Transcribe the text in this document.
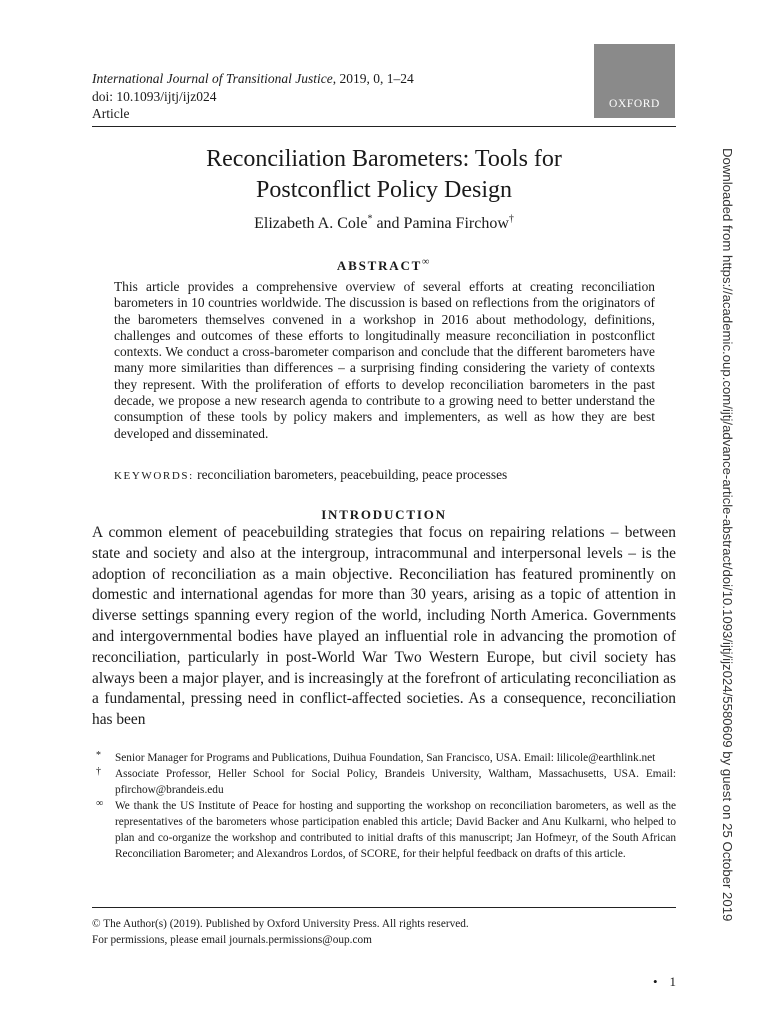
International Journal of Transitional Justice, 2019, 0, 1–24
doi: 10.1093/ijtj/ijz024
Article
OXFORD
Reconciliation Barometers: Tools for
Postconflict Policy Design
Elizabeth A. Cole* and Pamina Firchow†
ABSTRACT∞

This article provides a comprehensive overview of several efforts at creating reconciliation barometers in 10 countries worldwide. The discussion is based on reflections from the originators of the barometers themselves convened in a workshop in 2016 about methodology, definitions, challenges and outcomes of these efforts to longitudinally measure reconciliation in postconflict contexts. We conduct a cross-barometer comparison and conclude that the different barometers have many more similarities than differences – a surprising finding considering the variety of contexts they represent. With the proliferation of efforts to develop reconciliation barometers in the past decade, we propose a new research agenda to contribute to a growing need to better understand the consumption of these tools by policy makers and implementers, as well as how they are best developed and disseminated.

KEYWORDS: reconciliation barometers, peacebuilding, peace processes
INTRODUCTION

A common element of peacebuilding strategies that focus on repairing relations – between state and society and also at the intergroup, intracommunal and interpersonal levels – is the adoption of reconciliation as a main objective. Reconciliation has featured prominently on domestic and international agendas for more than 30 years, arising as a topic of attention in diverse settings spanning every region of the world, including North America. Governments and intergovernmental bodies have played an influential role in advancing the promotion of reconciliation, particularly in post-World War Two Western Europe, but civil society has always been a major player, and is increasingly at the forefront of articulating reconciliation as a fundamental, pressing need in conflict-affected societies. As a consequence, reconciliation has been

* Senior Manager for Programs and Publications, Duihua Foundation, San Francisco, USA. Email: lilicole@earthlink.net
† Associate Professor, Heller School for Social Policy, Brandeis University, Waltham, Massachusetts, USA. Email: pfirchow@brandeis.edu
∞ We thank the US Institute of Peace for hosting and supporting the workshop on reconciliation barometers, as well as the representatives of the barometers whose participation enabled this article; David Backer and Anu Kulkarni, who helped to plan and co-organize the workshop and contributed to initial drafts of this manuscript; Jan Hofmeyr, of the South African Reconciliation Barometer; and Alexandros Lordos, of SCORE, for their helpful feedback on drafts of this article.
© The Author(s) (2019). Published by Oxford University Press. All rights reserved.
For permissions, please email journals.permissions@oup.com
• 1
Downloaded from https://academic.oup.com/ijtj/advance-article-abstract/doi/10.1093/ijtj/ijz024/5580609 by guest on 25 October 2019
